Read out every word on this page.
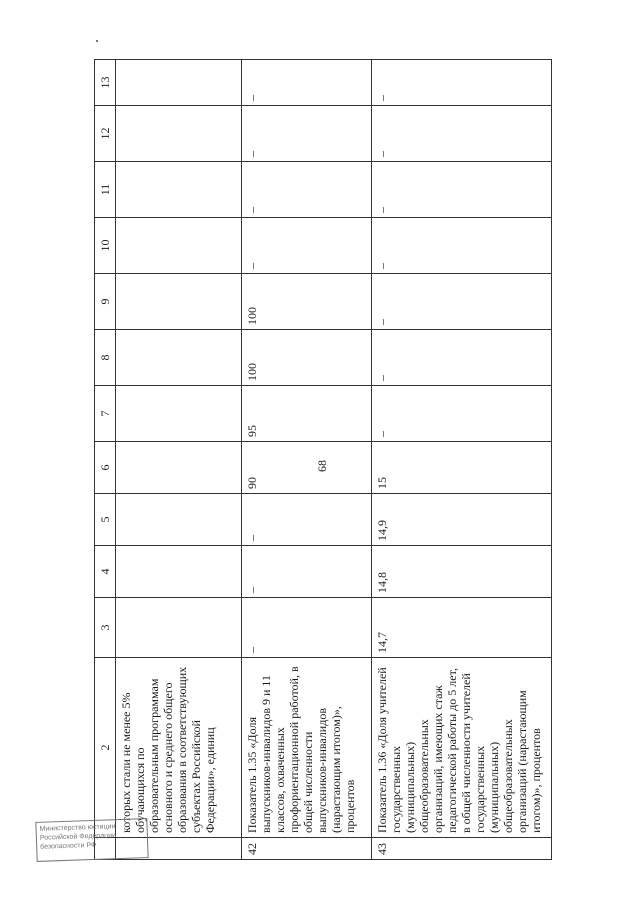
68
	2	3	4	5	6	7	8	9	10	11	12	13
	которых стали не менее 5% обучающихся по образовательным программам основного и среднего общего образования в соответствующих субъектах Российской Федерации», единиц											
42	Показатель 1.35 «Доля выпускников-инвалидов 9 и 11 классов, охваченных профориентационной работой, в общей численности выпускников-инвалидов (нарастающим итогом)», процентов	–	–	–	90	95	100	100	–	–	–	–
43	Показатель 1.36 «Доля учителей государственных (муниципальных) общеобразовательных организаций, имеющих стаж педагогической работы до 5 лет, в общей численности учителей государственных (муниципальных) общеобразовательных организаций (нарастающим итогом)», процентов	14,7	14,8	14,9	15	–	–	–	–	–	–	–
Министерство юстиции
Российской Федерации
безопасности РФ
